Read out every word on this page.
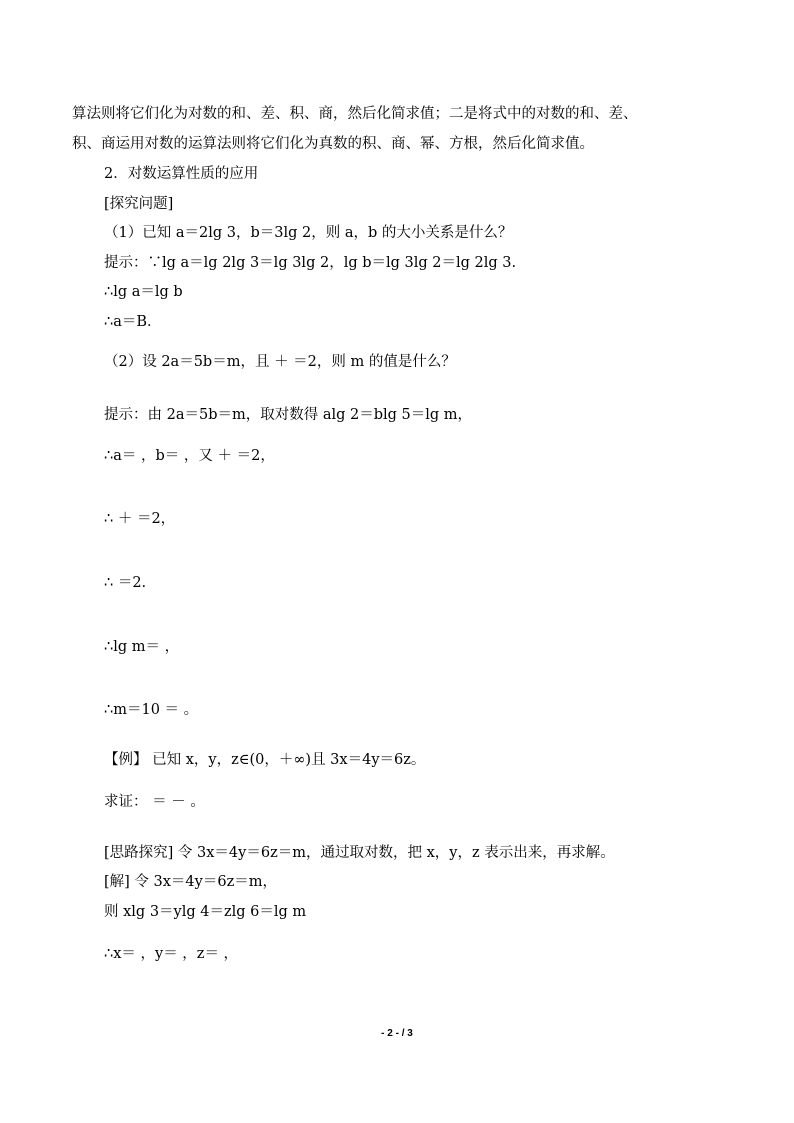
算法则将它们化为对数的和、差、积、商，然后化简求值；二是将式中的对数的和、差、
积、商运用对数的运算法则将它们化为真数的积、商、幂、方根，然后化简求值。
2．对数运算性质的应用
[探究问题]
（1）已知 a＝2lg 3，b＝3lg 2，则 a，b 的大小关系是什么？
提示：∵lg a＝lg 2lg 3＝lg 3lg 2，lg b＝lg 3lg 2＝lg 2lg 3.
∴lg a＝lg b
∴a＝B．
（2）设 2a＝5b＝m，且 ＋ ＝2，则 m 的值是什么？
提示：由 2a＝5b＝m，取对数得 alg 2＝blg 5＝lg m，
∴a＝ ，b＝ ，又 ＋ ＝2，
∴ ＋ ＝2，
∴ ＝2.
∴lg m＝ ，
∴m＝10 ＝ 。
【例】 已知 x，y，z∈(0，＋∞)且 3x＝4y＝6z。
求证： ＝ － 。
[思路探究] 令 3x＝4y＝6z＝m，通过取对数，把 x，y，z 表示出来，再求解。
[解] 令 3x＝4y＝6z＝m，
则 xlg 3＝ylg 4＝zlg 6＝lg m
∴x＝ ，y＝ ，z＝ ，
- 2 - / 3
